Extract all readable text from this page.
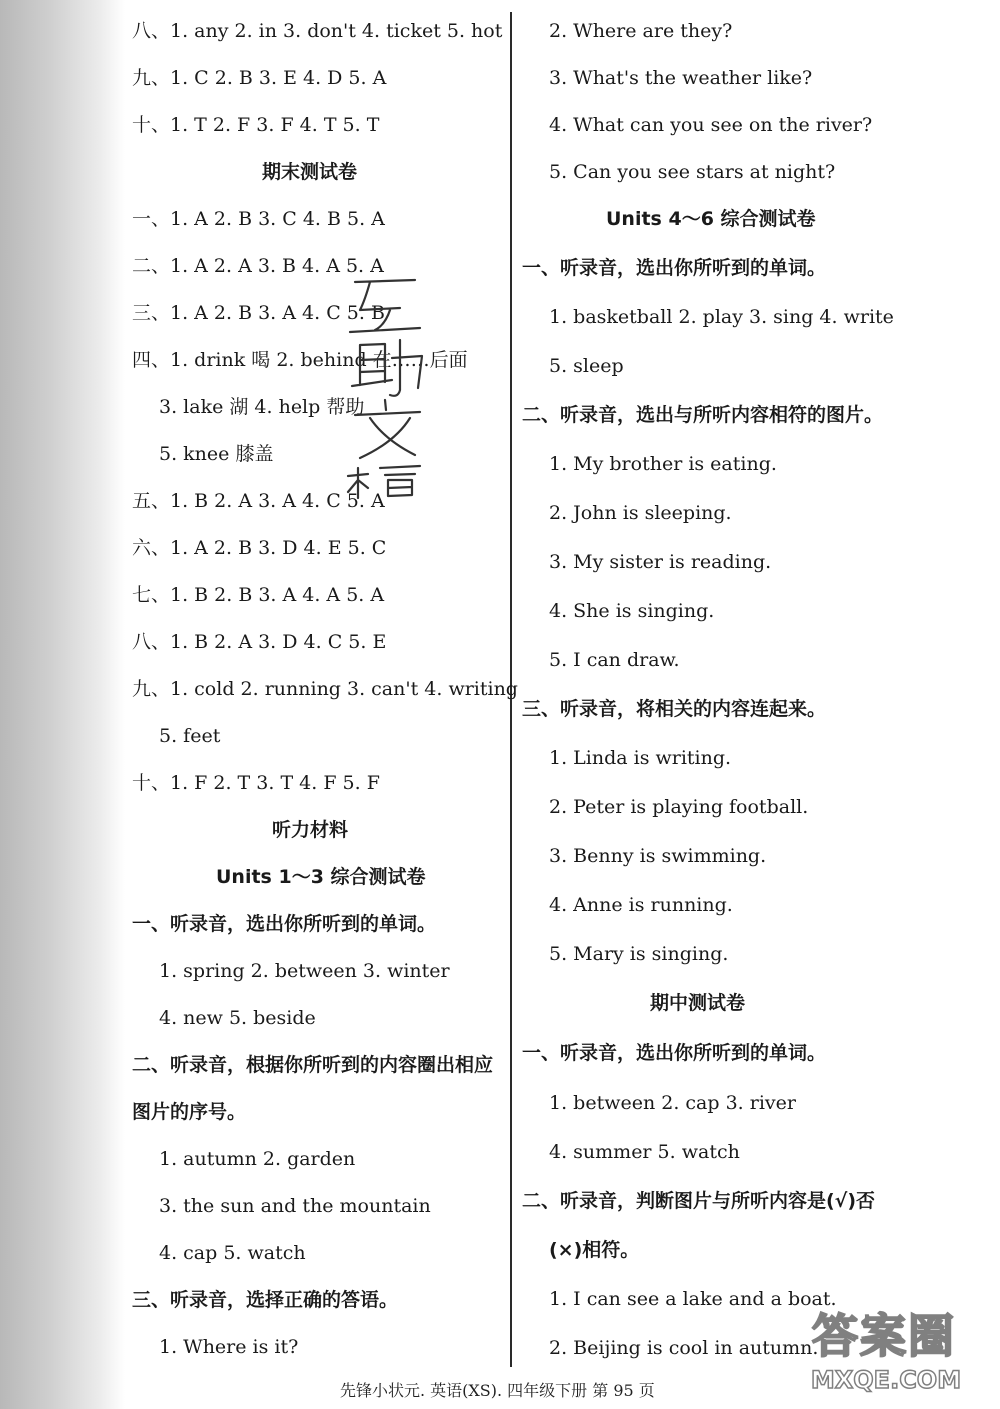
八、1. any 2. in 3. don't 4. ticket 5. hot
九、1. C 2. B 3. E 4. D 5. A
十、1. T 2. F 3. F 4. T 5. T
期末测试卷
一、1. A 2. B 3. C 4. B 5. A
二、1. A 2. A 3. B 4. A 5. A
三、1. A 2. B 3. A 4. C 5. B
四、1. drink 喝 2. behind 在……后面
3. lake 湖 4. help 帮助
5. knee 膝盖
五、1. B 2. A 3. A 4. C 5. A
六、1. A 2. B 3. D 4. E 5. C
七、1. B 2. B 3. A 4. A 5. A
八、1. B 2. A 3. D 4. C 5. E
九、1. cold 2. running 3. can't 4. writing
5. feet
十、1. F 2. T 3. T 4. F 5. F
听力材料
Units 1～3 综合测试卷
一、听录音，选出你所听到的单词。
1. spring 2. between 3. winter
4. new 5. beside
二、听录音，根据你所听到的内容圈出相应
图片的序号。
1. autumn 2. garden
3. the sun and the mountain
4. cap 5. watch
三、听录音，选择正确的答语。
1. Where is it?
2. Where are they?
3. What's the weather like?
4. What can you see on the river?
5. Can you see stars at night?
Units 4～6 综合测试卷
一、听录音，选出你所听到的单词。
1. basketball 2. play 3. sing 4. write
5. sleep
二、听录音，选出与所听内容相符的图片。
1. My brother is eating.
2. John is sleeping.
3. My sister is reading.
4. She is singing.
5. I can draw.
三、听录音，将相关的内容连起来。
1. Linda is writing.
2. Peter is playing football.
3. Benny is swimming.
4. Anne is running.
5. Mary is singing.
期中测试卷
一、听录音，选出你所听到的单词。
1. between 2. cap 3. river
4. summer 5. watch
二、听录音，判断图片与所听内容是(√)否
(×)相符。
1. I can see a lake and a boat.
2. Beijing is cool in autumn.
先锋小状元. 英语(XS). 四年级下册 第 95 页
答案圈
MXQE.COM
